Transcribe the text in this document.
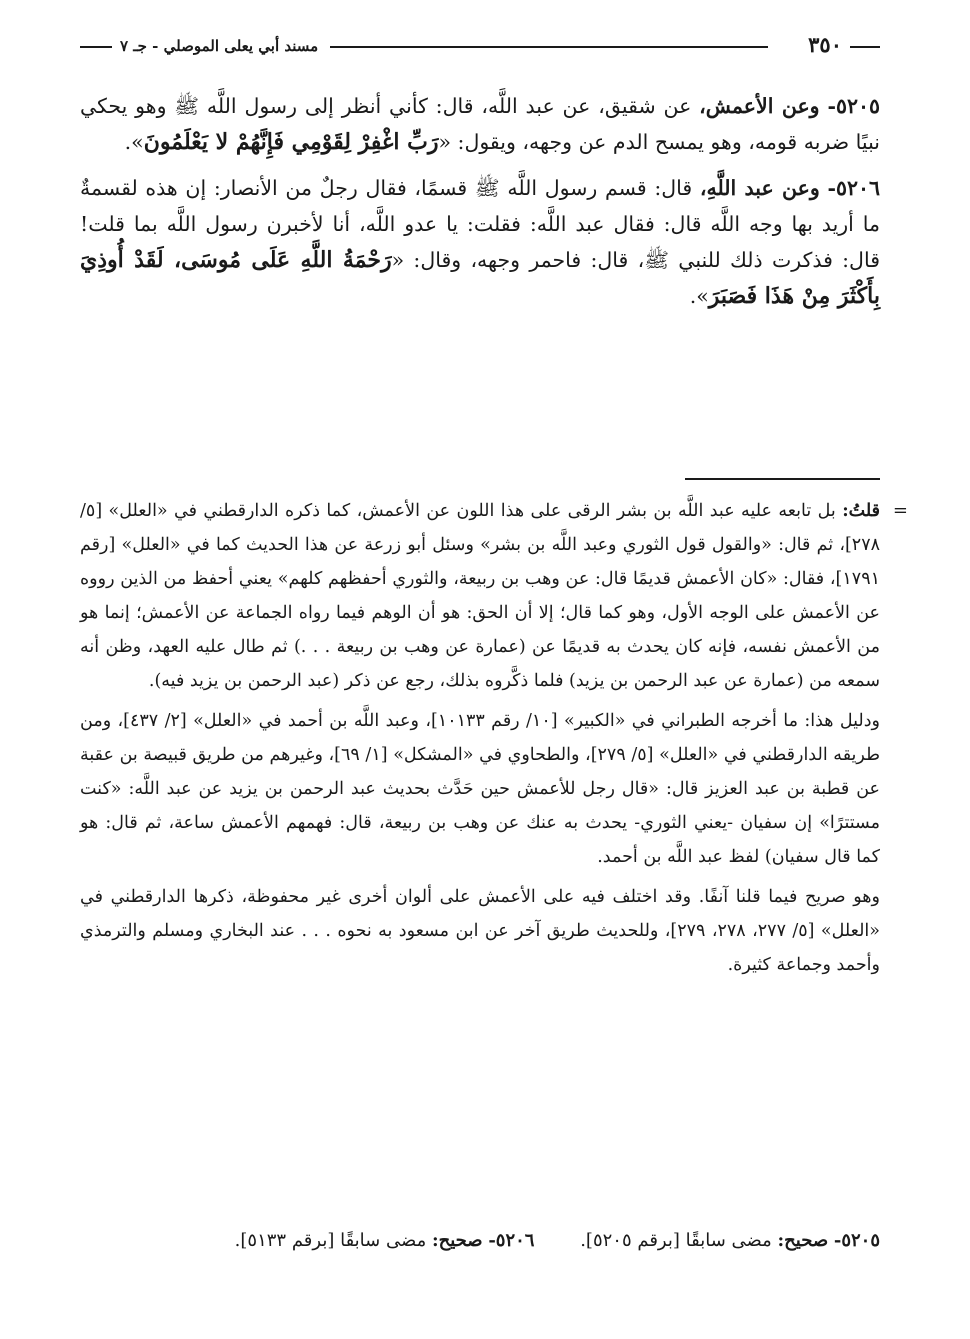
٣٥٠
مسند أبي يعلى الموصلي - جـ ٧

٥٢٠٥- وعن الأعمش، عن شقيق، عن عبد اللَّه، قال: كأني أنظر إلى رسول اللَّه ﷺ وهو يحكي نبيًا ضربه قومه، وهو يمسح الدم عن وجهه، ويقول: «رَبِّ اغْفِرْ لِقَوْمِي فَإِنَّهُمْ لا يَعْلَمُونَ».

٥٢٠٦- وعن عبد اللَّهِ، قال: قسم رسول اللَّه ﷺ قسمًا، فقال رجلٌ من الأنصار: إن هذه لقسمةٌ ما أريد بها وجه اللَّه قال: فقال عبد اللَّه: فقلت: يا عدو اللَّه، أنا لأخبرن رسول اللَّه بما قلت! قال: فذكرت ذلك للنبي ﷺ، قال: فاحمر وجهه، وقال: «رَحْمَةُ اللَّهِ عَلَى مُوسَى، لَقَدْ أُوذِيَ بِأَكْثَرَ مِنْ هَذَا فَصَبَرَ».

=
قلتُ: بل تابعه عليه عبد اللَّه بن بشر الرقى على هذا اللون عن الأعمش، كما ذكره الدارقطني في «العلل» [٥/ ٢٧٨]، ثم قال: «والقول قول الثوري وعبد اللَّه بن بشر» وسئل أبو زرعة عن هذا الحديث كما في «العلل» [رقم ١٧٩١]، فقال: «كان الأعمش قديمًا قال: عن وهب بن ربيعة، والثوري أحفظهم كلهم» يعني أحفظ من الذين رووه عن الأعمش على الوجه الأول، وهو كما قال؛ إلا أن الحق: هو أن الوهم فيما رواه الجماعة عن الأعمش؛ إنما هو من الأعمش نفسه، فإنه كان يحدث به قديمًا عن (عمارة عن وهب بن ربيعة . . .) ثم طال عليه العهد، وظن أنه سمعه من (عمارة عن عبد الرحمن بن يزيد) فلما ذكَّروه بذلك، رجع عن ذكر (عبد الرحمن بن يزيد فيه).

ودليل هذا: ما أخرجه الطبراني في «الكبير» [١٠/ رقم ١٠١٣٣]، وعبد اللَّه بن أحمد في «العلل» [٢/ ٤٣٧]، ومن طريقه الدارقطني في «العلل» [٥/ ٢٧٩]، والطحاوي في «المشكل» [١/ ٦٩]، وغيرهم من طريق قبيصة بن عقبة عن قطبة بن عبد العزيز قال: «قال رجل للأعمش حين حَدَّث بحديث عبد الرحمن بن يزيد عن عبد اللَّه: «كنت مستترًا» إن سفيان -يعني الثوري- يحدث به عنك عن وهب بن ربيعة، قال: فهمهم الأعمش ساعة، ثم قال: هو كما قال سفيان) لفظ عبد اللَّه بن أحمد.

وهو صريح فيما قلنا آنفًا. وقد اختلف فيه على الأعمش على ألوان أخرى غير محفوظة، ذكرها الدارقطني في «العلل» [٥/ ٢٧٧، ٢٧٨، ٢٧٩]، وللحديث طريق آخر عن ابن مسعود به نحوه . . . عند البخاري ومسلم والترمذي وأحمد وجماعة كثيرة.

٥٢٠٥- صحيح: مضى سابقًا [برقم ٥٢٠٥]. ٥٢٠٦- صحيح: مضى سابقًا [برقم ٥١٣٣].
